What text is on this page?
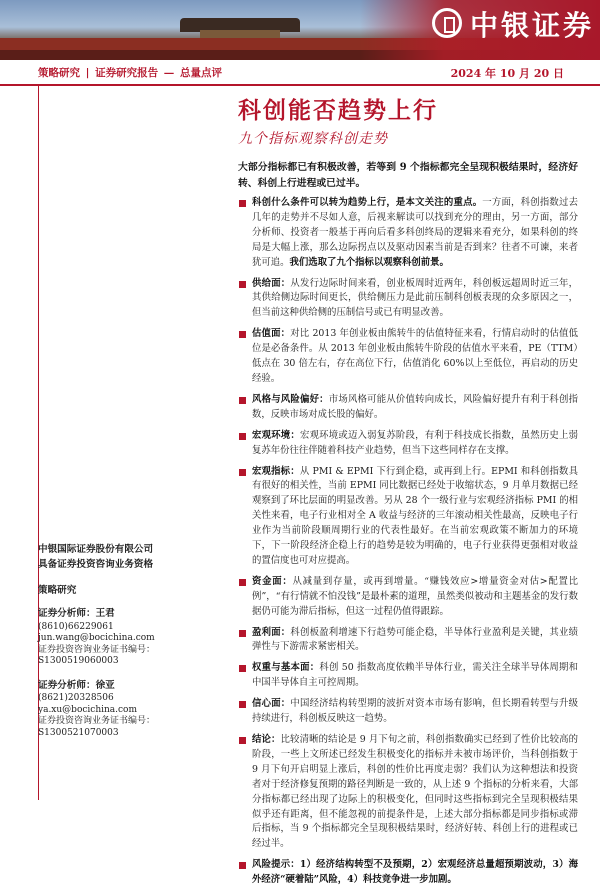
中银证券
策略研究 | 证券研究报告 — 总量点评	2024 年 10 月 20 日
科创能否趋势上行
九个指标观察科创走势
大部分指标都已有积极改善，若等到 9 个指标都完全呈现积极结果时，经济好转、科创上行进程或已过半。
科创什么条件可以转为趋势上行，是本文关注的重点。一方面，科创指数过去几年的走势并不尽如人意，后视来解读可以找到充分的理由，另一方面，部分分析师、投资者一般基于再向后看多科创终局的逻辑来看充分，如果科创的终局是大幅上涨，那么边际拐点以及驱动因素当前是否到来？往者不可谏，来者犹可追。我们选取了九个指标以观察科创前景。
供给面：从发行边际时间来看，创业板周时近两年，科创板远超周时近三年，其供给侧边际时间更长，供给侧压力是此前压制科创板表现的众多原因之一，但当前这种供给侧的压制信号或已有明显改善。
估值面：对比 2013 年创业板由熊转牛的估值特征来看，行情启动时的估值低位是必备条件。从 2013 年创业板由熊转牛阶段的估值水平来看，PE（TTM）低点在 30 倍左右，存在高位下行，估值消化 60%以上至低位，再启动的历史经验。
风格与风险偏好：市场风格可能从价值转向成长，风险偏好提升有利于科创指数，反映市场对成长股的偏好。
宏观环境：宏观环境或迈入弱复苏阶段，有利于科技成长指数，虽然历史上弱复苏年份往往伴随着科技产业趋势，但当下这些同样存在支撑。
宏观指标：从 PMI & EPMI 下行到企稳，或再到上行。EPMI 和科创指数具有很好的相关性，当前 EPMI 同比数据已经处于收缩状态，9 月单月数据已经观察到了环比层面的明显改善。另从 28 个一级行业与宏观经济指标 PMI 的相关性来看，电子行业相对全 A 收益与经济的三年滚动相关性最高，反映电子行业作为当前阶段顺周期行业的代表性最好。在当前宏观政策不断加力的环境下，下一阶段经济企稳上行的趋势是较为明确的，电子行业获得更强相对收益的置信度也可对应提高。
资金面：从减量到存量，或再到增量。“赚钱效应>增量资金对估>配置比例”，“有行情就不怕没钱”是最朴素的道理，虽然类似被动和主题基金的发行数据仍可能为滞后指标，但这一过程仍值得跟踪。
盈利面：科创板盈利增速下行趋势可能企稳，半导体行业盈利是关键，其业绩弹性与下游需求紧密相关。
权重与基本面：科创 50 指数高度依赖半导体行业，需关注全球半导体周期和中国半导体自主可控周期。
信心面：中国经济结构转型期的波折对资本市场有影响，但长期看转型与升级持续进行，科创板反映这一趋势。
结论：比较清晰的结论是 9 月下旬之前，科创指数确实已经到了性价比较高的阶段，一些上文所述已经发生积极变化的指标并未被市场评价，当科创指数于 9 月下旬开启明显上涨后，科创的性价比再度走弱？我们认为这种想法和投资者对于经济修复预期的路径判断是一致的，从上述 9 个指标的分析来看，大部分指标都已经出现了边际上的积极变化，但同时这些指标到完全呈现积极结果似乎还有距离，但不能忽视的前提条件是，上述大部分指标都是同步指标或滞后指标，当 9 个指标都完全呈现积极结果时，经济好转、科创上行的进程或已经过半。
风险提示：1）经济结构转型不及预期，2）宏观经济总量超预期波动，3）海外经济“硬着陆”风险，4）科技竞争进一步加剧。
中银国际证券股份有限公司
具备证券投资咨询业务资格
策略研究
证券分析师：王君
(8610)66229061
jun.wang@bocichina.com
证券投资咨询业务证书编号：S1300519060003
证券分析师：徐亚
(8621)20328506
ya.xu@bocichina.com
证券投资咨询业务证书编号：S1300521070003
